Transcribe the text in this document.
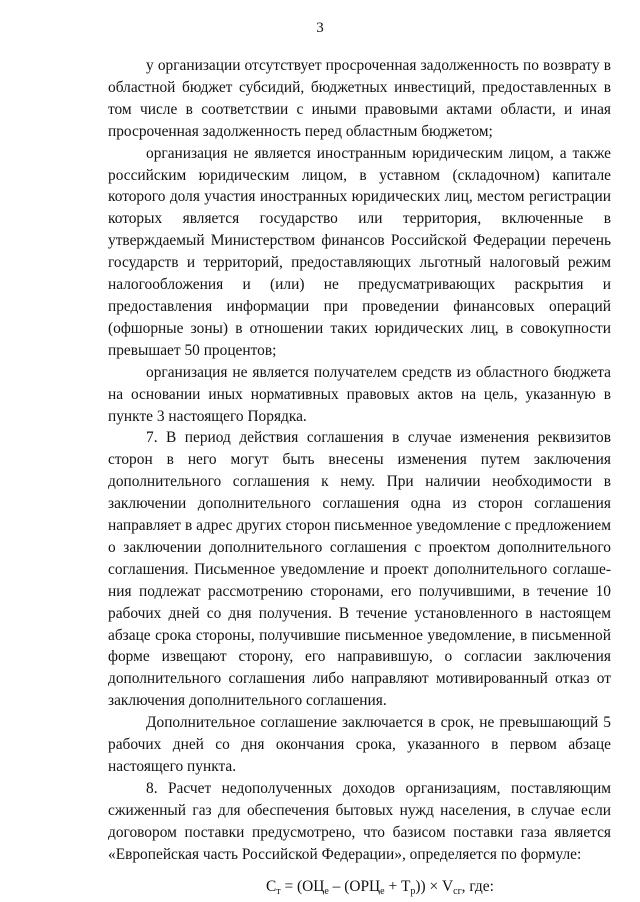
3

у организации отсутствует просроченная задолженность по возврату в областной бюджет субсидий, бюджетных инвестиций, предоставленных в том числе в соответствии с иными правовыми актами области, и иная просроченная задолженность перед областным бюджетом;

организация не является иностранным юридическим лицом, а также российским юридическим лицом, в уставном (складочном) капитале которого доля участия иностранных юридических лиц, местом регистрации которых является государство или территория, включенные в утверждаемый Министерством финансов Российской Федерации перечень государств и территорий, предоставляющих льготный налоговый режим налогообложения и (или) не предусматривающих раскрытия и предоставления информации при проведении финансовых операций (офшорные зоны) в отношении таких юридических лиц, в совокупности превышает 50 процентов;

организация не является получателем средств из областного бюджета на основании иных нормативных правовых актов на цель, указанную в пункте 3 настоящего Порядка.

7. В период действия соглашения в случае изменения реквизитов сторон в него могут быть внесены изменения путем заключения дополнительного соглашения к нему. При наличии необходимости в заключении дополнительного соглашения одна из сторон соглашения направляет в адрес других сторон письменное уведомление с предложением о заключении дополнительного соглашения с проектом дополнительного соглашения. Письменное уведомление и проект дополнительного соглашения подлежат рассмотрению сторонами, его получившими, в течение 10 рабочих дней со дня получения. В течение установленного в настоящем абзаце срока стороны, получившие письменное уведомление, в письменной форме извещают сторону, его направившую, о согласии заключения дополнительного соглашения либо направляют мотивированный отказ от заключения дополнительного соглашения.

Дополнительное соглашение заключается в срок, не превышающий 5 рабочих дней со дня окончания срока, указанного в первом абзаце настоящего пункта.

8. Расчет недополученных доходов организациям, поставляющим сжиженный газ для обеспечения бытовых нужд населения, в случае если договором поставки предусмотрено, что базисом поставки газа является «Европейская часть Российской Федерации», определяется по формуле:

$С_т = (ОЦ_е - (ОРЦ_е + Т_р)) \times V_{сг}$, где:
